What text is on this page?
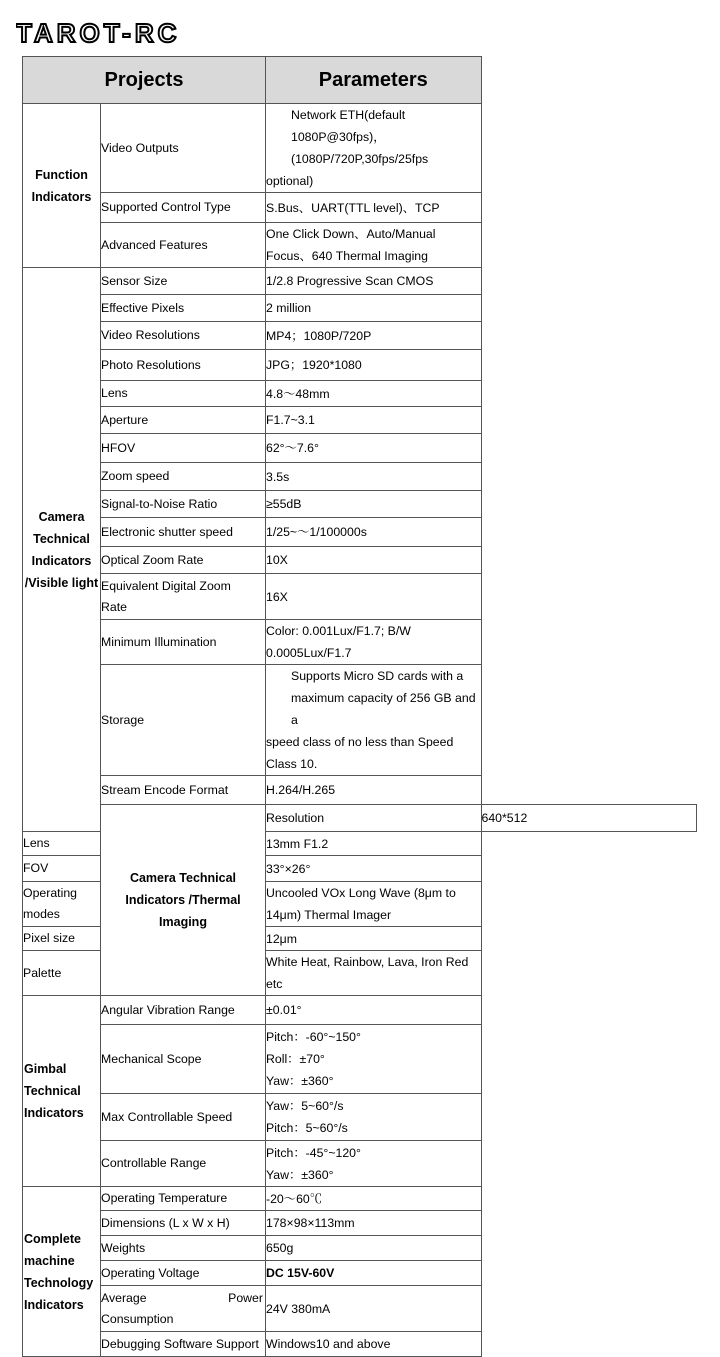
TAROT-RC
Projects		Parameters	
Function Indicators	Video Outputs	Network ETH(default 1080P@30fps)，(1080P/720P,30fps/25fps
optional)	

	Supported Control Type	S.Bus、UART(TTL level)、TCP	
	Advanced Features	One Click Down、Auto/Manual Focus、640 Thermal Imaging	
Camera Technical Indicators /Visible light	Sensor Size	1/2.8 Progressive Scan CMOS	
	Effective Pixels	2 million	
	Video Resolutions	MP4；1080P/720P	
	Photo Resolutions	JPG；1920*1080	
	Lens	4.8～48mm	
	Aperture	F1.7~3.1	
	HFOV	62°～7.6°	
	Zoom speed	3.5s	
	Signal-to-Noise Ratio	≥55dB	
	Electronic shutter speed	1/25~～1/100000s	
	Optical Zoom Rate	10X	

	Equivalent Digital Zoom
Rate	16X	
	Minimum Illumination	Color: 0.001Lux/F1.7; B/W 0.0005Lux/F1.7	
	Storage	Supports Micro SD cards with a maximum capacity of 256 GB and a
speed class of no less than Speed Class 10.	

	Stream Encode Format	H.264/H.265	
	Camera Technical Indicators /Thermal Imaging	Resolution	640*512
Lens		13mm F1.2	
FOV		33°×26°	
Operating modes		Uncooled VOx Long Wave (8μm to 14μm) Thermal Imager	
Pixel size		12μm	
Palette		White Heat, Rainbow, Lava, Iron Red etc	
Gimbal Technical Indicators	Angular Vibration Range	±0.01°	
	Mechanical Scope	Pitch：-60°~150°
Roll：±70°
Yaw：±360°	

	Max Controllable Speed	Yaw：5~60°/s
Pitch：5~60°/s	

	Controllable Range	Pitch：-45°~120°
Yaw：±360°	

Complete machine Technology Indicators	Operating Temperature	-20～60℃	
	Dimensions (L x W x H)	178×98×113mm	
	Weights	650g	
	Operating Voltage	DC 15V-60V	

	Average Power
Consumption	24V 380mA	
	Debugging Software Support	Windows10 and above	
